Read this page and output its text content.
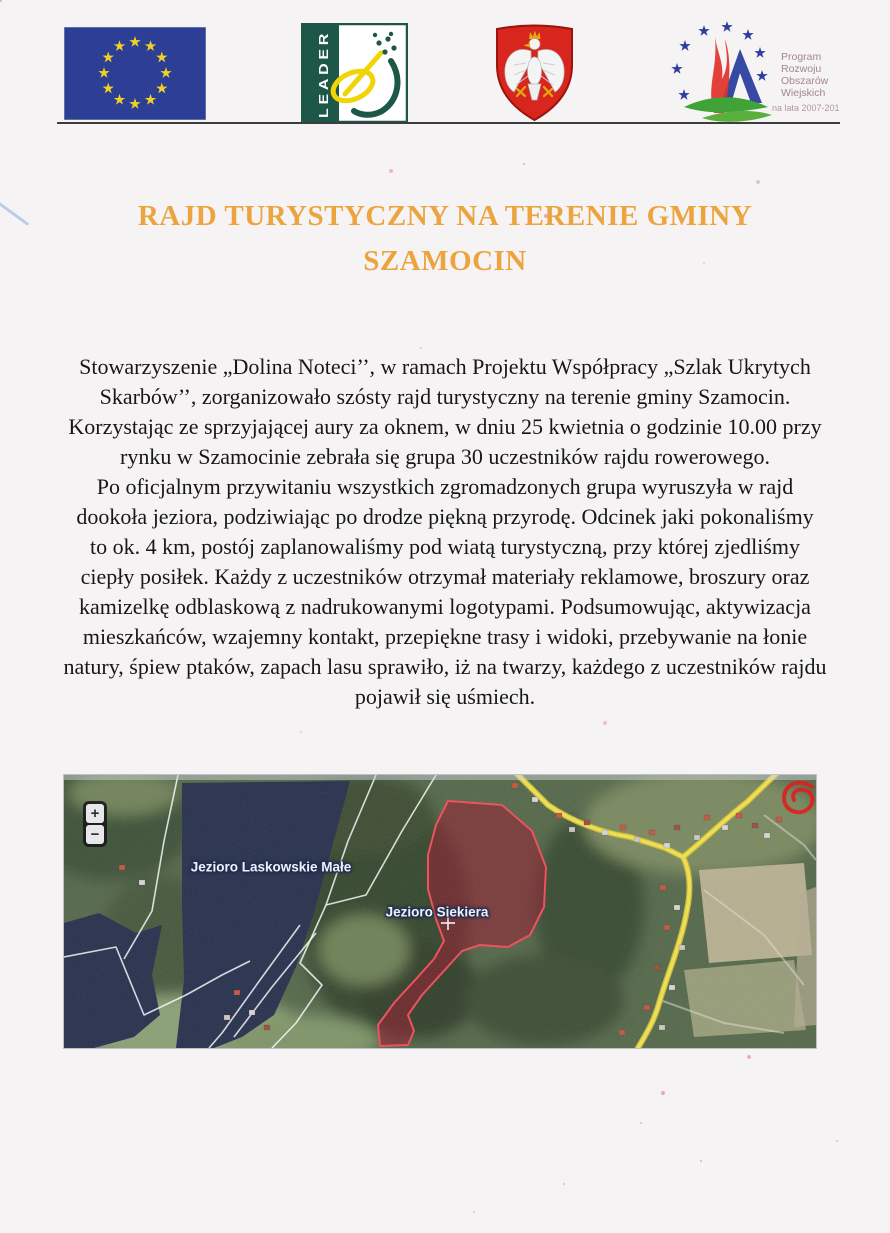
LEADER	Program
Rozwoju
Obszarów
Wiejskich
na lata 2007-2013
RAJD TURYSTYCZNY NA TERENIE GMINY
SZAMOCIN
Stowarzyszenie „Dolina Noteci’’, w ramach Projektu Współpracy „Szlak Ukrytych
Skarbów’’, zorganizowało szósty rajd turystyczny na terenie gminy Szamocin.
Korzystając ze sprzyjającej aury za oknem, w dniu 25 kwietnia o godzinie 10.00 przy
rynku w Szamocinie zebrała się grupa 30 uczestników rajdu rowerowego.
Po oficjalnym przywitaniu wszystkich zgromadzonych grupa wyruszyła w rajd
dookoła jeziora, podziwiając po drodze piękną przyrodę. Odcinek jaki pokonaliśmy
to ok. 4 km, postój zaplanowaliśmy pod wiatą turystyczną, przy której zjedliśmy
ciepły posiłek. Każdy z uczestników otrzymał materiały reklamowe, broszury oraz
kamizelkę odblaskową z nadrukowanymi logotypami. Podsumowując, aktywizacja
mieszkańców, wzajemny kontakt, przepiękne trasy i widoki, przebywanie na łonie
natury, śpiew ptaków, zapach lasu sprawiło, iż na twarzy, każdego z uczestników rajdu
pojawił się uśmiech.
Jezioro Laskowskie Małe
Jezioro Siekiera
+
−
